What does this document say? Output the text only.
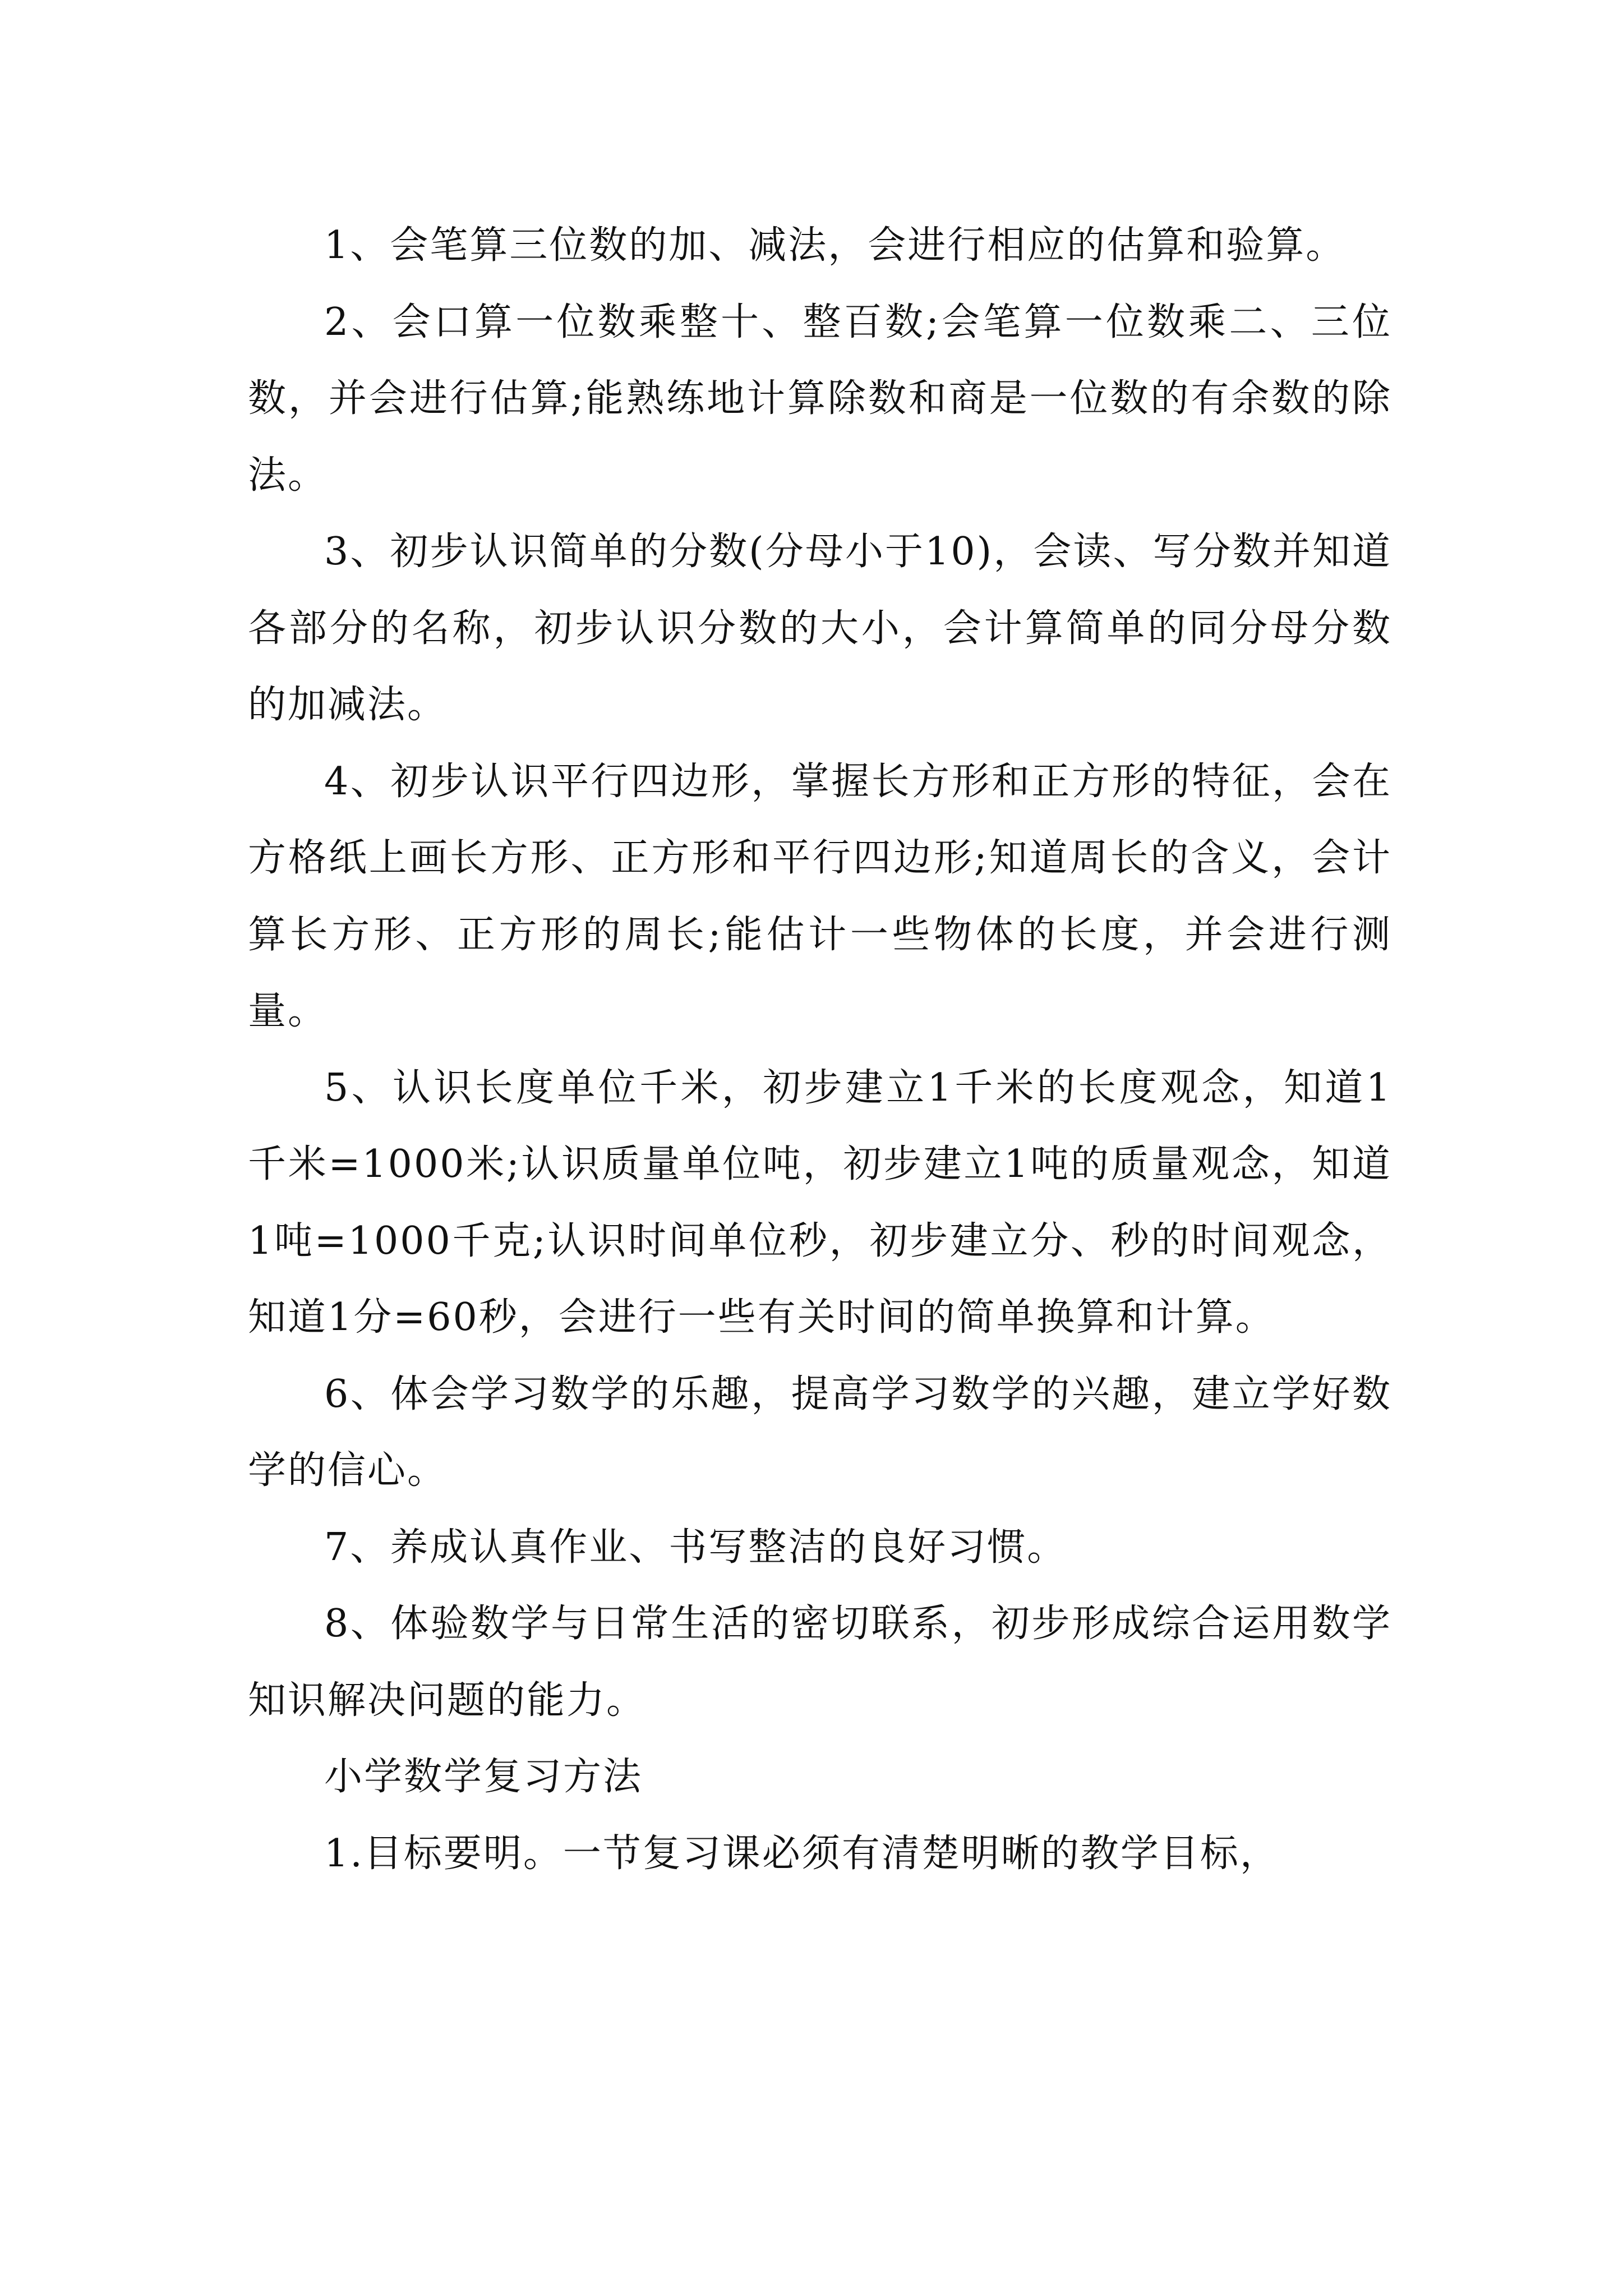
1、会笔算三位数的加、减法，会进行相应的估算和验算。

2、会口算一位数乘整十、整百数;会笔算一位数乘二、三位数，并会进行估算;能熟练地计算除数和商是一位数的有余数的除法。

3、初步认识简单的分数(分母小于10)，会读、写分数并知道各部分的名称，初步认识分数的大小，会计算简单的同分母分数的加减法。

4、初步认识平行四边形，掌握长方形和正方形的特征，会在方格纸上画长方形、正方形和平行四边形;知道周长的含义，会计算长方形、正方形的周长;能估计一些物体的长度，并会进行测量。

5、认识长度单位千米，初步建立1千米的长度观念，知道1千米=1000米;认识质量单位吨，初步建立1吨的质量观念，知道1吨=1000千克;认识时间单位秒，初步建立分、秒的时间观念，知道1分=60秒，会进行一些有关时间的简单换算和计算。

6、体会学习数学的乐趣，提高学习数学的兴趣，建立学好数学的信心。

7、养成认真作业、书写整洁的良好习惯。

8、体验数学与日常生活的密切联系，初步形成综合运用数学知识解决问题的能力。

小学数学复习方法

1.目标要明。一节复习课必须有清楚明晰的教学目标，
